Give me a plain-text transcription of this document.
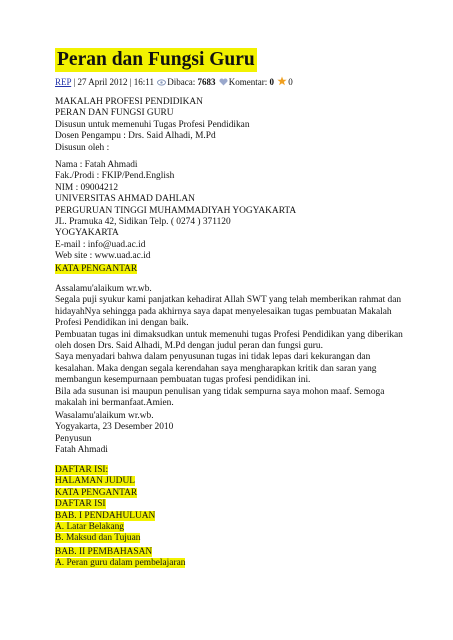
Peran dan Fungsi Guru
REP | 27 April 2012 | 16:11 Dibaca: 7683 Komentar: 0 0
MAKALAH PROFESI PENDIDIKAN
PERAN DAN FUNGSI GURU
Disusun untuk memenuhi Tugas Profesi Pendidikan
Dosen Pengampu : Drs. Said Alhadi, M.Pd
Disusun oleh :
Nama : Fatah Ahmadi
Fak./Prodi : FKIP/Pend.English
NIM : 09004212
UNIVERSITAS AHMAD DAHLAN
PERGURUAN TINGGI MUHAMMADIYAH YOGYAKARTA
JL. Pramuka 42, Sidikan Telp. ( 0274 ) 371120
YOGYAKARTA
E-mail : info@uad.ac.id
Web site : www.uad.ac.id
KATA PENGANTAR
Assalamu'alaikum wr.wb.
Segala puji syukur kami panjatkan kehadirat Allah SWT yang telah memberikan rahmat dan
hidayahNya sehingga pada akhirnya saya dapat menyelesaikan tugas pembuatan Makalah
Profesi Pendidikan ini dengan baik.
Pembuatan tugas ini dimaksudkan untuk memenuhi tugas Profesi Pendidikan yang diberikan
oleh dosen Drs. Said Alhadi, M.Pd dengan judul peran dan fungsi guru.
Saya menyadari bahwa dalam penyusunan tugas ini tidak lepas dari kekurangan dan
kesalahan. Maka dengan segala kerendahan saya mengharapkan kritik dan saran yang
membangun kesempurnaan pembuatan tugas profesi pendidikan ini.
Bila ada susunan isi maupun penulisan yang tidak sempurna saya mohon maaf. Semoga
makalah ini bermanfaat.Amien.
Wasalamu'alaikum wr.wb.
Yogyakarta, 23 Desember 2010
Penyusun
Fatah Ahmadi
DAFTAR ISI:
HALAMAN JUDUL
KATA PENGANTAR
DAFTAR ISI
BAB. I PENDAHULUAN
A. Latar Belakang
B. Maksud dan Tujuan
BAB. II PEMBAHASAN
A. Peran guru dalam pembelajaran
